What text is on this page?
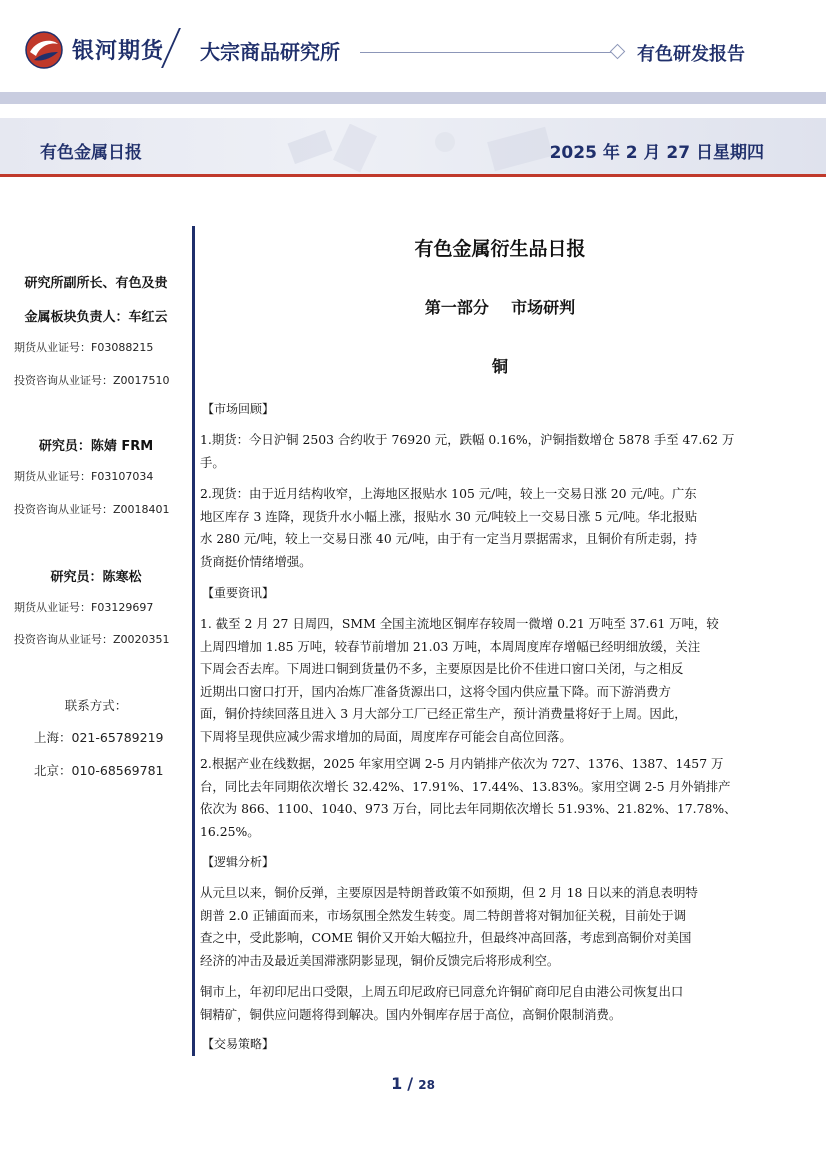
银河期货 大宗商品研究所	有色研发报告
有色金属日报	2025 年 2 月 27 日星期四
研究所副所长、有色及贵
金属板块负责人：车红云
期货从业证号：F03088215
投资咨询从业证号：Z0017510
研究员：陈婧 FRM
期货从业证号：F03107034
投资咨询从业证号：Z0018401
研究员：陈寒松
期货从业证号：F03129697
投资咨询从业证号：Z0020351
联系方式：
上海：021-65789219
北京：010-68569781
有色金属衍生品日报
第一部分    市场研判
铜
【市场回顾】
1.期货：今日沪铜 2503 合约收于 76920 元，跌幅 0.16%，沪铜指数增仓 5878 手至 47.62 万
手。
2.现货：由于近月结构收窄，上海地区报贴水 105 元/吨，较上一交易日涨 20 元/吨。广东
地区库存 3 连降，现货升水小幅上涨，报贴水 30 元/吨较上一交易日涨 5 元/吨。华北报贴
水 280 元/吨，较上一交易日涨 40 元/吨，由于有一定当月票据需求，且铜价有所走弱，持
货商挺价情绪增强。
【重要资讯】
1. 截至 2 月 27 日周四，SMM 全国主流地区铜库存较周一微增 0.21 万吨至 37.61 万吨，较
上周四增加 1.85 万吨，较春节前增加 21.03 万吨，本周周度库存增幅已经明细放缓，关注
下周会否去库。下周进口铜到货量仍不多，主要原因是比价不佳进口窗口关闭，与之相反
近期出口窗口打开，国内冶炼厂准备货源出口，这将令国内供应量下降。而下游消费方
面，铜价持续回落且进入 3 月大部分工厂已经正常生产，预计消费量将好于上周。因此，
下周将呈现供应减少需求增加的局面，周度库存可能会自高位回落。
2.根据产业在线数据，2025 年家用空调 2-5 月内销排产依次为 727、1376、1387、1457 万
台，同比去年同期依次增长 32.42%、17.91%、17.44%、13.83%。家用空调 2-5 月外销排产
依次为 866、1100、1040、973 万台，同比去年同期依次增长 51.93%、21.82%、17.78%、
16.25%。
【逻辑分析】
从元旦以来，铜价反弹，主要原因是特朗普政策不如预期，但 2 月 18 日以来的消息表明特
朗普 2.0 正铺面而来，市场氛围全然发生转变。周二特朗普将对铜加征关税，目前处于调
查之中，受此影响，COME 铜价又开始大幅拉升，但最终冲高回落，考虑到高铜价对美国
经济的冲击及最近美国滞涨阴影显现，铜价反馈完后将形成利空。
铜市上，年初印尼出口受限，上周五印尼政府已同意允许铜矿商印尼自由港公司恢复出口
铜精矿，铜供应问题将得到解决。国内外铜库存居于高位，高铜价限制消费。
【交易策略】
1 / 28
